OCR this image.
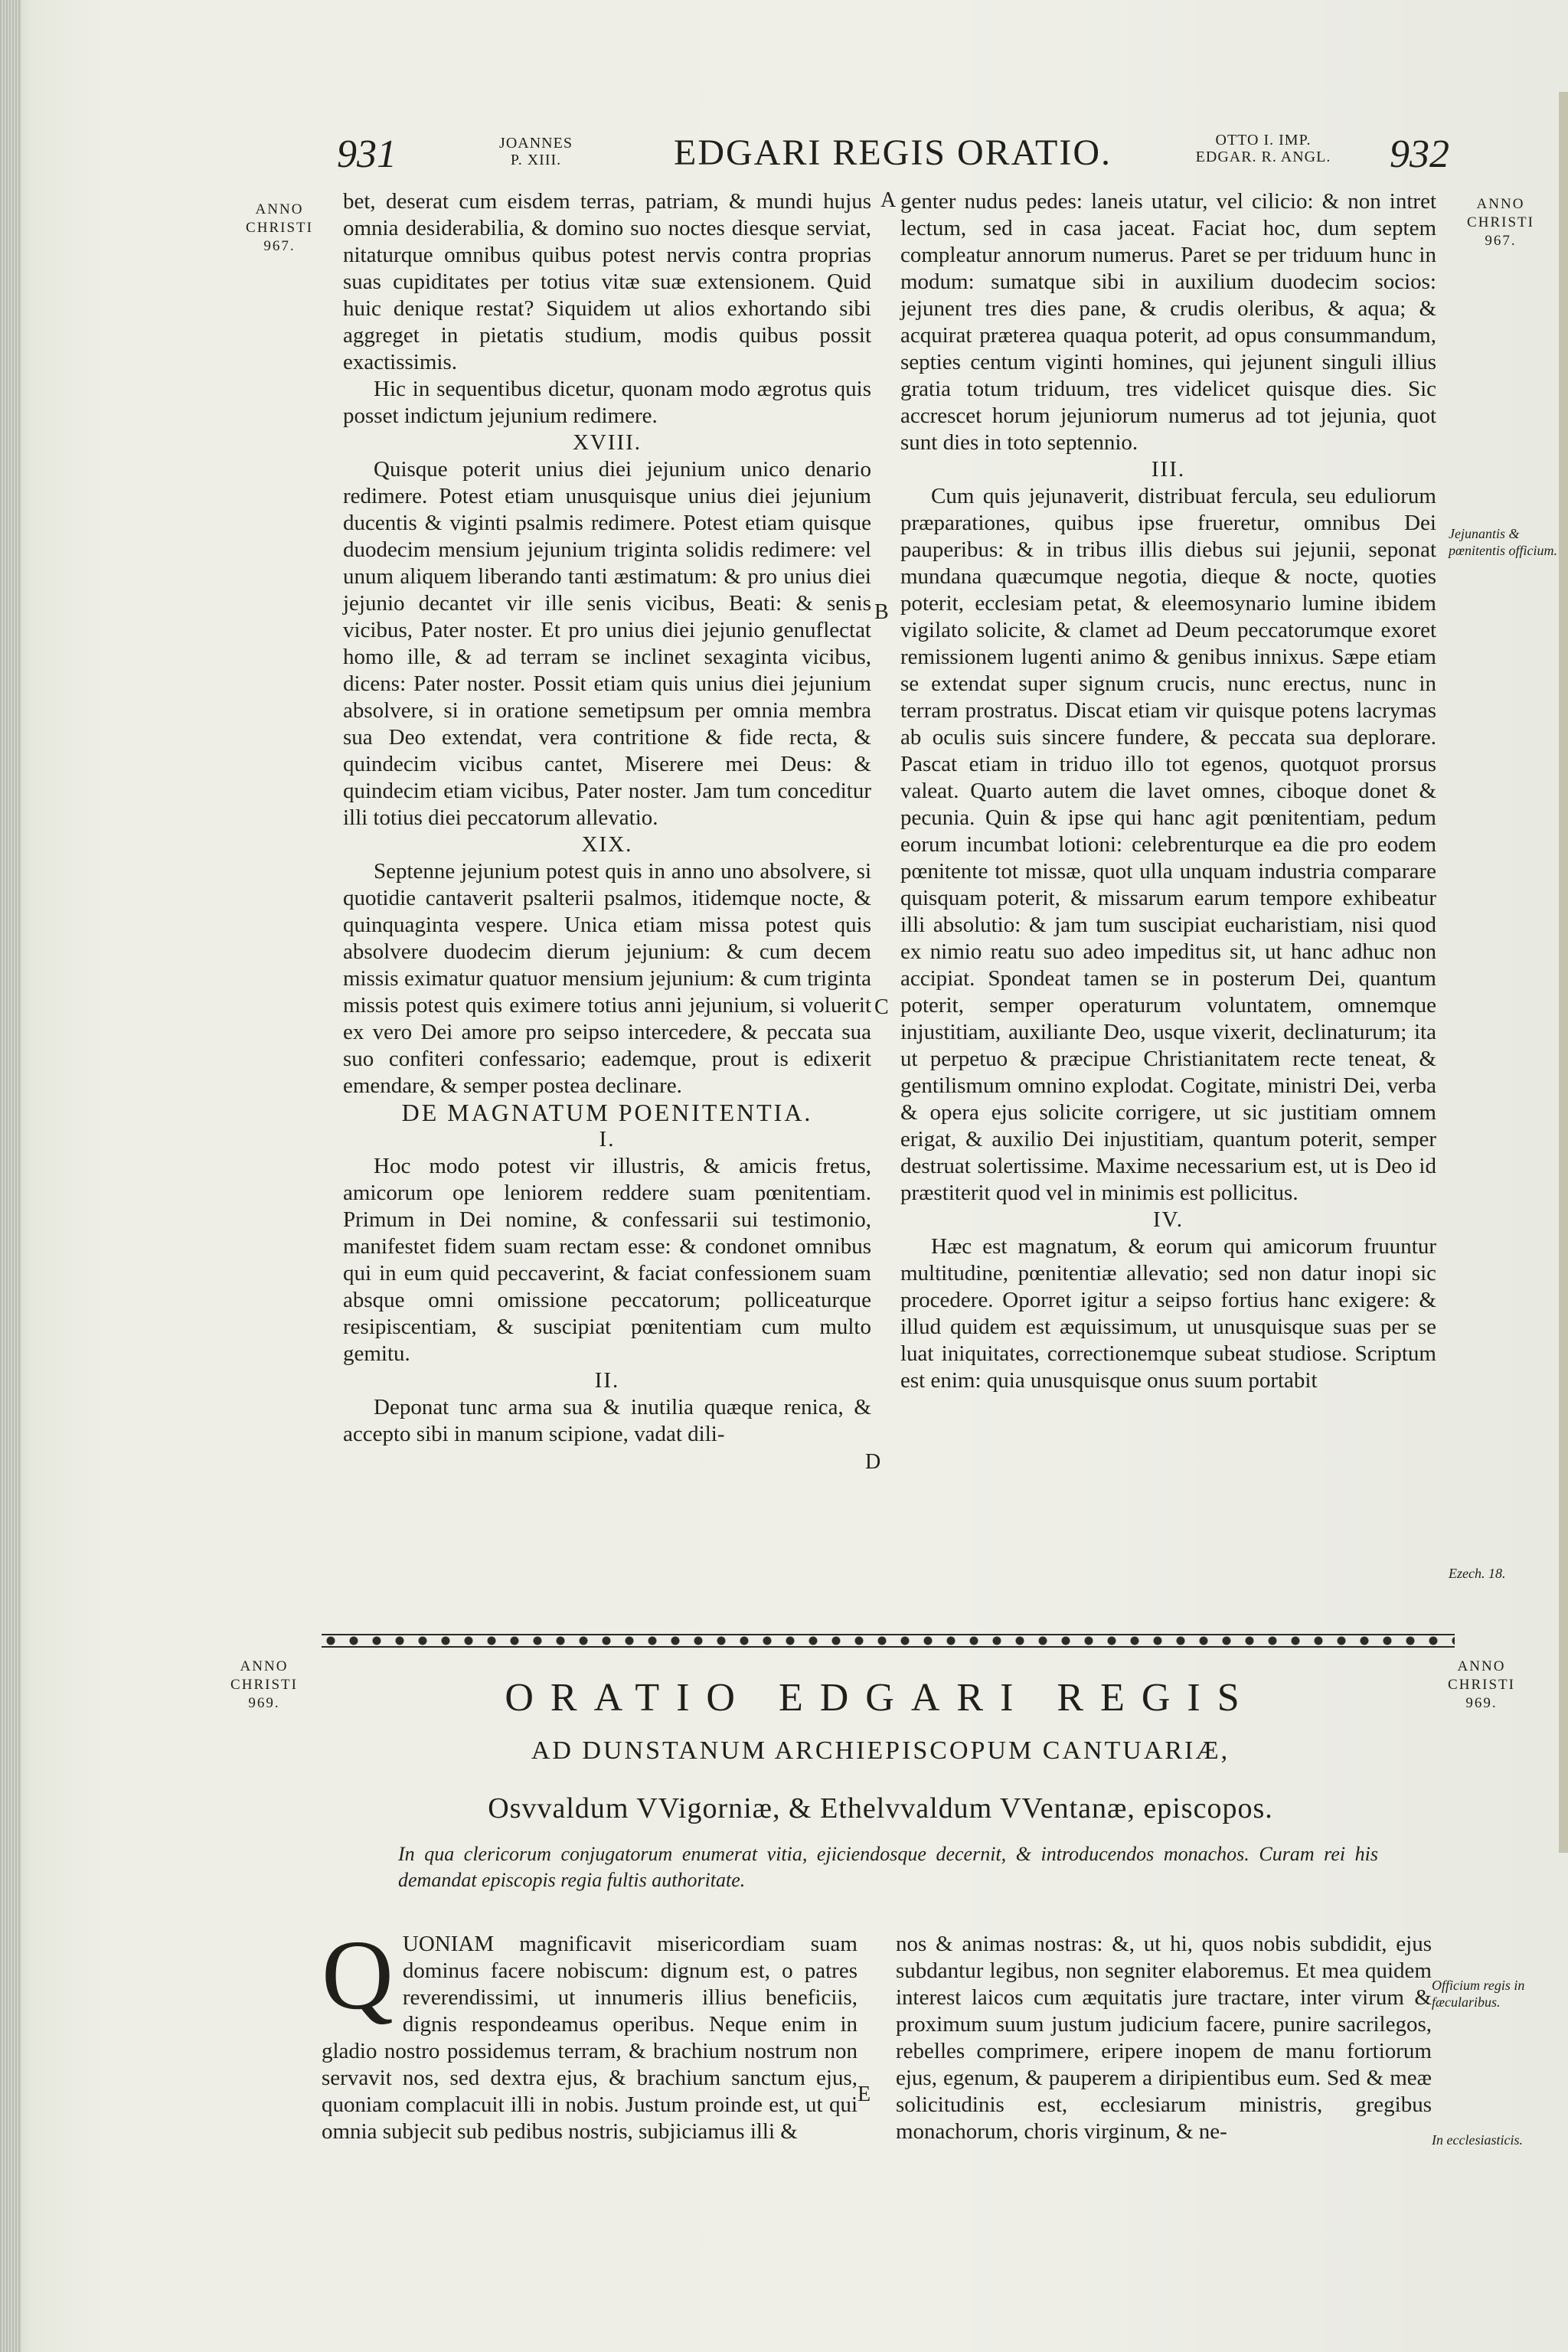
931	JOANNES
P. XIII.	EDGARI REGIS ORATIO.	OTTO I. IMP.
EDGAR. R. ANGL.	932
ANNO
CHRISTI
967.
ANNO
CHRISTI
967.

bet, deserat cum eisdem terras, patriam, & mundi hujus omnia desiderabilia, & domino suo noctes diesque serviat, nitaturque omnibus quibus potest nervis contra proprias suas cupiditates per totius vitæ suæ extensionem. Quid huic denique restat? Siquidem ut alios exhortando sibi aggreget in pietatis studium, modis quibus possit exactissimis.

Hic in sequentibus dicetur, quonam modo ægrotus quis posset indictum jejunium redimere.

XVIII.

Quisque poterit unius diei jejunium unico denario redimere. Potest etiam unusquisque unius diei jejunium ducentis & viginti psalmis redimere. Potest etiam quisque duodecim mensium jejunium triginta solidis redimere: vel unum aliquem liberando tanti æstimatum: & pro unius diei jejunio decantet vir ille senis vicibus, Beati: & senis vicibus, Pater noster. Et pro unius diei jejunio genuflectat homo ille, & ad terram se inclinet sexaginta vicibus, dicens: Pater noster. Possit etiam quis unius diei jejunium absolvere, si in oratione semetipsum per omnia membra sua Deo extendat, vera contritione & fide recta, & quindecim vicibus cantet, Miserere mei Deus: & quindecim etiam vicibus, Pater noster. Jam tum conceditur illi totius diei peccatorum allevatio.

XIX.

Septenne jejunium potest quis in anno uno absolvere, si quotidie cantaverit psalterii psalmos, itidemque nocte, & quinquaginta vespere. Unica etiam missa potest quis absolvere duodecim dierum jejunium: & cum decem missis eximatur quatuor mensium jejunium: & cum triginta missis potest quis eximere totius anni jejunium, si voluerit ex vero Dei amore pro seipso intercedere, & peccata sua suo confiteri confessario; eademque, prout is edixerit emendare, & semper postea declinare.

DE MAGNATUM POENITENTIA.
I.

Hoc modo potest vir illustris, & amicis fretus, amicorum ope leniorem reddere suam pœnitentiam. Primum in Dei nomine, & confessarii sui testimonio, manifestet fidem suam rectam esse: & condonet omnibus qui in eum quid peccaverint, & faciat confessionem suam absque omni omissione peccatorum; polliceaturque resipiscentiam, & suscipiat pœnitentiam cum multo gemitu.

II.

Deponat tunc arma sua & inutilia quæque renica, & accepto sibi in manum scipione, vadat dili-

A
B
C
D
E

genter nudus pedes: laneis utatur, vel cilicio: & non intret lectum, sed in casa jaceat. Faciat hoc, dum septem compleatur annorum numerus. Paret se per triduum hunc in modum: sumatque sibi in auxilium duodecim socios: jejunent tres dies pane, & crudis oleribus, & aqua; & acquirat præterea quaqua poterit, ad opus consummandum, septies centum viginti homines, qui jejunent singuli illius gratia totum triduum, tres videlicet quisque dies. Sic accrescet horum jejuniorum numerus ad tot jejunia, quot sunt dies in toto septennio.

III.

Cum quis jejunaverit, distribuat fercula, seu eduliorum præparationes, quibus ipse frueretur, omnibus Dei pauperibus: & in tribus illis diebus sui jejunii, seponat mundana quæcumque negotia, dieque & nocte, quoties poterit, ecclesiam petat, & eleemosynario lumine ibidem vigilato solicite, & clamet ad Deum peccatorumque exoret remissionem lugenti animo & genibus innixus. Sæpe etiam se extendat super signum crucis, nunc erectus, nunc in terram prostratus. Discat etiam vir quisque potens lacrymas ab oculis suis sincere fundere, & peccata sua deplorare. Pascat etiam in triduo illo tot egenos, quotquot prorsus valeat. Quarto autem die lavet omnes, ciboque donet & pecunia. Quin & ipse qui hanc agit pœnitentiam, pedum eorum incumbat lotioni: celebrenturque ea die pro eodem pœnitente tot missæ, quot ulla unquam industria comparare quisquam poterit, & missarum earum tempore exhibeatur illi absolutio: & jam tum suscipiat eucharistiam, nisi quod ex nimio reatu suo adeo impeditus sit, ut hanc adhuc non accipiat. Spondeat tamen se in posterum Dei, quantum poterit, semper operaturum voluntatem, omnemque injustitiam, auxiliante Deo, usque vixerit, declinaturum; ita ut perpetuo & præcipue Christianitatem recte teneat, & gentilismum omnino explodat. Cogitate, ministri Dei, verba & opera ejus solicite corrigere, ut sic justitiam omnem erigat, & auxilio Dei injustitiam, quantum poterit, semper destruat solertissime. Maxime necessarium est, ut is Deo id præstiterit quod vel in minimis est pollicitus.

IV.

Hæc est magnatum, & eorum qui amicorum fruuntur multitudine, pœnitentiæ allevatio; sed non datur inopi sic procedere. Oporret igitur a seipso fortius hanc exigere: & illud quidem est æquissimum, ut unusquisque suas per se luat iniquitates, correctionemque subeat studiose. Scriptum est enim: quia unusquisque onus suum portabit

Jejunantis & pœnitentis officium.
Ezech. 18.
ANNO
CHRISTI
969.
ANNO
CHRISTI
969.
ORATIO EDGARI REGIS
AD DUNSTANUM ARCHIEPISCOPUM CANTUARIÆ,
Osvvaldum VVigorniæ, & Ethelvvaldum VVentanæ, episcopos.
In qua clericorum conjugatorum enumerat vitia, ejiciendosque decernit, & introducendos monachos. Curam rei his demandat episcopis regia fultis authoritate.
Q UONIAM magnificavit misericordiam suam dominus facere nobiscum: dignum est, o patres reverendissimi, ut innumeris illius beneficiis, dignis respondeamus operibus. Neque enim in gladio nostro possidemus terram, & brachium nostrum non servavit nos, sed dextra ejus, & brachium sanctum ejus, quoniam complacuit illi in nobis. Justum proinde est, ut qui omnia subjecit sub pedibus nostris, subjiciamus illi &

nos & animas nostras: &, ut hi, quos nobis subdidit, ejus subdantur legibus, non segniter elaboremus. Et mea quidem interest laicos cum æquitatis jure tractare, inter virum & proximum suum justum judicium facere, punire sacrilegos, rebelles comprimere, eripere inopem de manu fortiorum ejus, egenum, & pauperem a diripientibus eum. Sed & meæ solicitudinis est, ecclesiarum ministris, gregibus monachorum, choris virginum, & ne-

Officium regis in fæcularibus.
In ecclesiasticis.
